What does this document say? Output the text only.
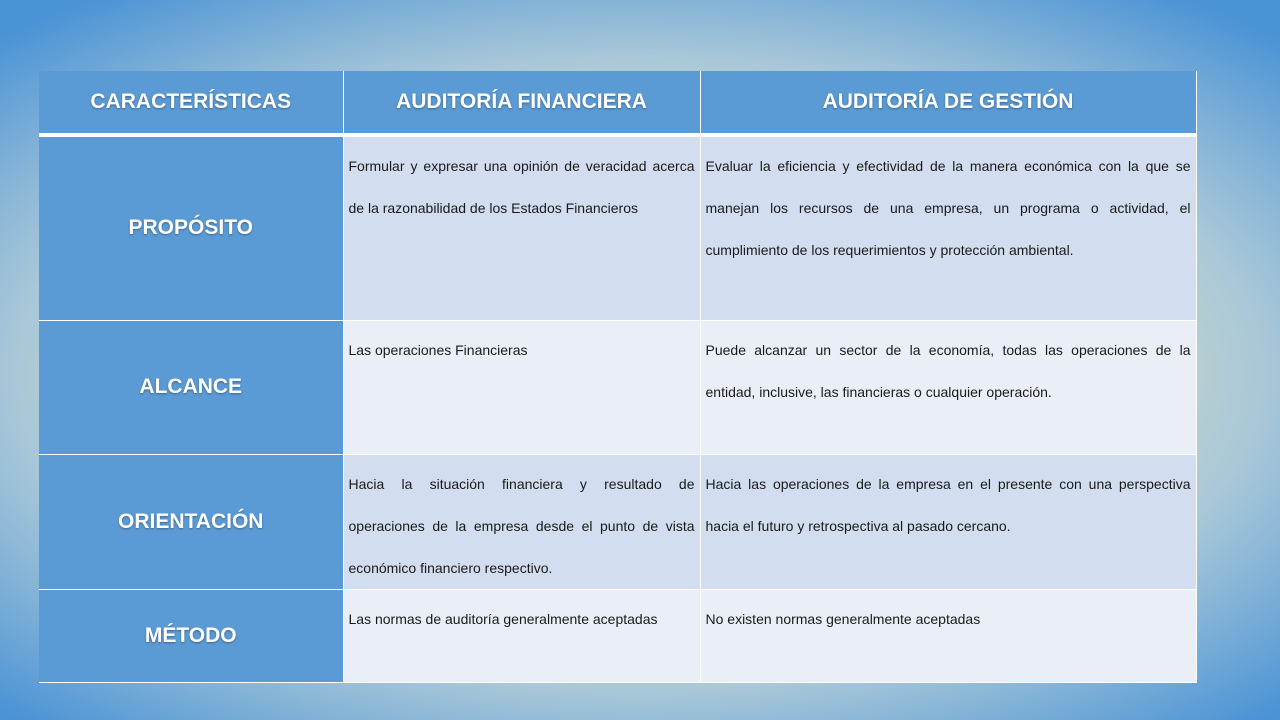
CARACTERÍSTICAS	AUDITORÍA FINANCIERA	AUDITORÍA DE GESTIÓN
PROPÓSITO	Formular y expresar una opinión de veracidad acerca de la razonabilidad de los Estados Financieros	Evaluar la eficiencia y efectividad de la manera económica con la que se manejan los recursos de una empresa, un programa o actividad, el cumplimiento de los requerimientos y protección ambiental.

ALCANCE	Las operaciones Financieras	Puede alcanzar un sector de la economía, todas las operaciones de la entidad, inclusive, las financieras o cualquier operación.

ORIENTACIÓN	Hacia la situación financiera y resultado de operaciones de la empresa desde el punto de vista económico financiero respectivo.	Hacia las operaciones de la empresa en el presente con una perspectiva hacia el futuro y retrospectiva al pasado cercano.

MÉTODO	Las normas de auditoría generalmente aceptadas	No existen normas generalmente aceptadas
